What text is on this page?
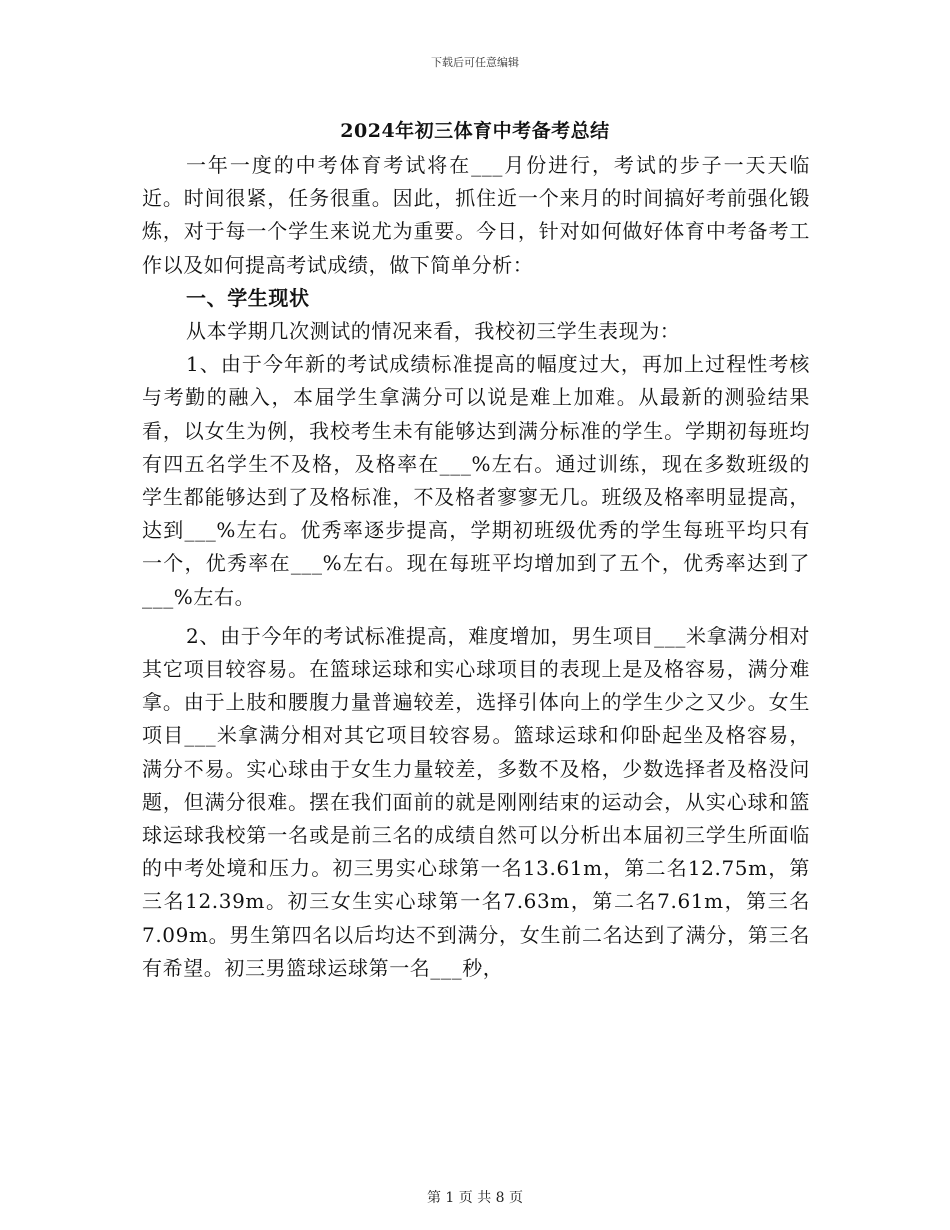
下载后可任意编辑
2024年初三体育中考备考总结

一年一度的中考体育考试将在___月份进行，考试的步子一天天临近。时间很紧，任务很重。因此，抓住近一个来月的时间搞好考前强化锻炼，对于每一个学生来说尤为重要。今日，针对如何做好体育中考备考工作以及如何提高考试成绩，做下简单分析：

一、学生现状

从本学期几次测试的情况来看，我校初三学生表现为：

1、由于今年新的考试成绩标准提高的幅度过大，再加上过程性考核与考勤的融入，本届学生拿满分可以说是难上加难。从最新的测验结果看，以女生为例，我校考生未有能够达到满分标准的学生。学期初每班均有四五名学生不及格，及格率在___%左右。通过训练，现在多数班级的学生都能够达到了及格标准，不及格者寥寥无几。班级及格率明显提高，达到___%左右。优秀率逐步提高，学期初班级优秀的学生每班平均只有一个，优秀率在___%左右。现在每班平均增加到了五个，优秀率达到了___%左右。

2、由于今年的考试标准提高，难度增加，男生项目___米拿满分相对其它项目较容易。在篮球运球和实心球项目的表现上是及格容易，满分难拿。由于上肢和腰腹力量普遍较差，选择引体向上的学生少之又少。女生项目___米拿满分相对其它项目较容易。篮球运球和仰卧起坐及格容易，满分不易。实心球由于女生力量较差，多数不及格，少数选择者及格没问题，但满分很难。摆在我们面前的就是刚刚结束的运动会，从实心球和篮球运球我校第一名或是前三名的成绩自然可以分析出本届初三学生所面临的中考处境和压力。初三男实心球第一名13.61m，第二名12.75m，第三名12.39m。初三女生实心球第一名7.63m，第二名7.61m，第三名7.09m。男生第四名以后均达不到满分，女生前二名达到了满分，第三名有希望。初三男篮球运球第一名___秒，

第 1 页 共 8 页
